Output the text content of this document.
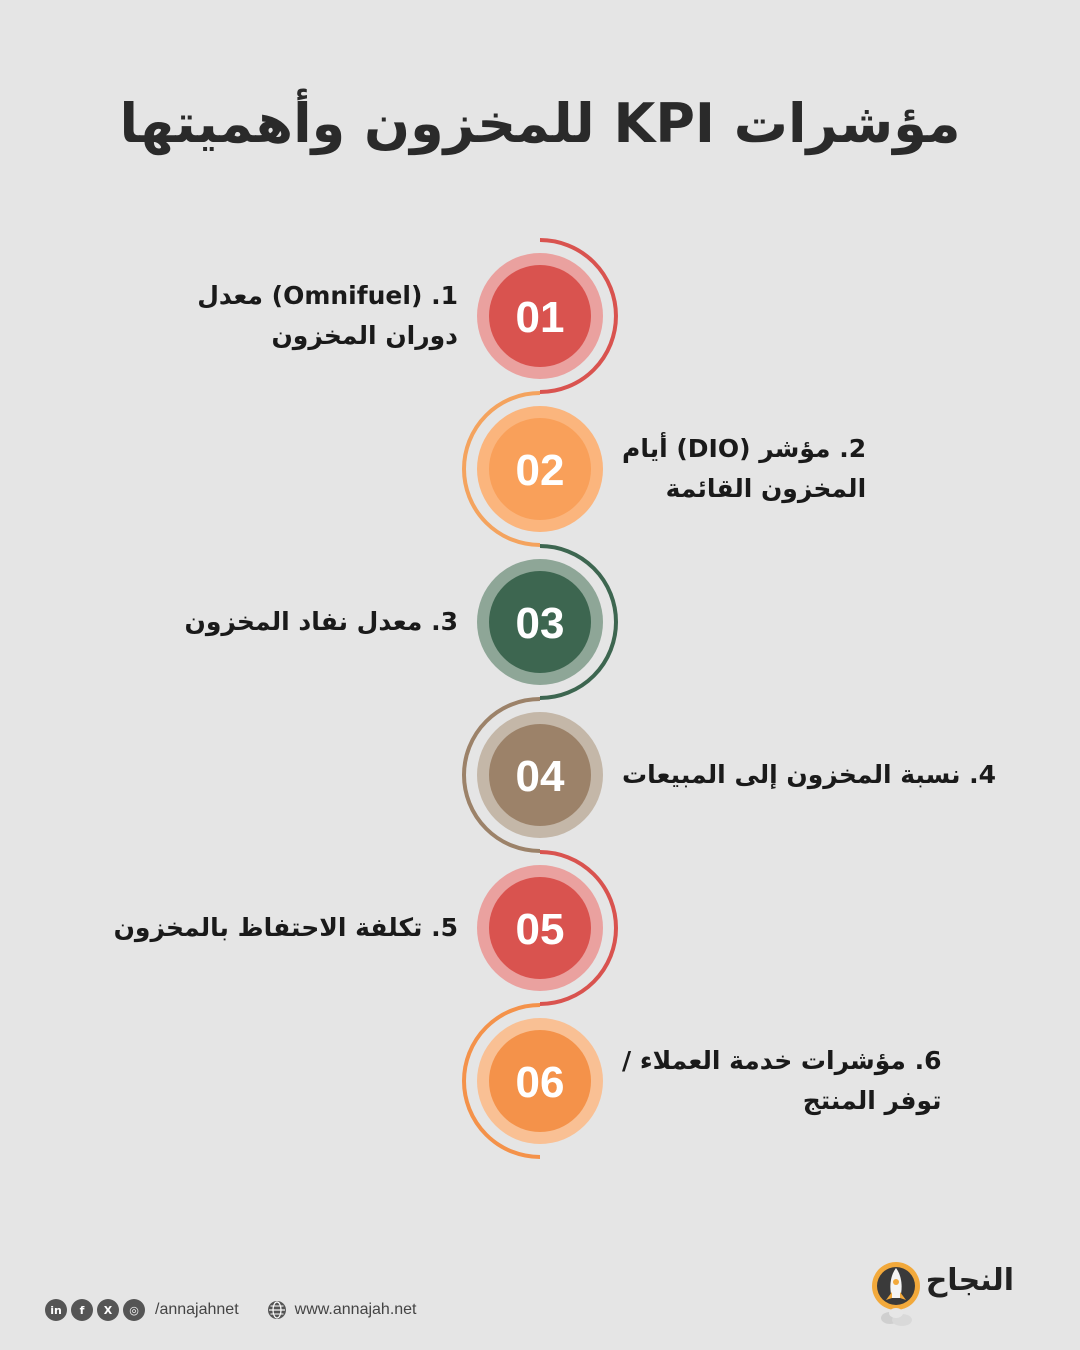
مؤشرات KPI للمخزون وأهميتها
01
02
03
04
05
06
1. (Omnifuel) معدل
دوران المخزون
2. مؤشر (DIO) أيام
المخزون القائمة
3. معدل نفاد المخزون
4. نسبة المخزون إلى المبيعات
5. تكلفة الاحتفاظ بالمخزون
6. مؤشرات خدمة العملاء /
توفر المنتج
in	f	X	◎	/annajahnet	www.annajah.net
النجاح
